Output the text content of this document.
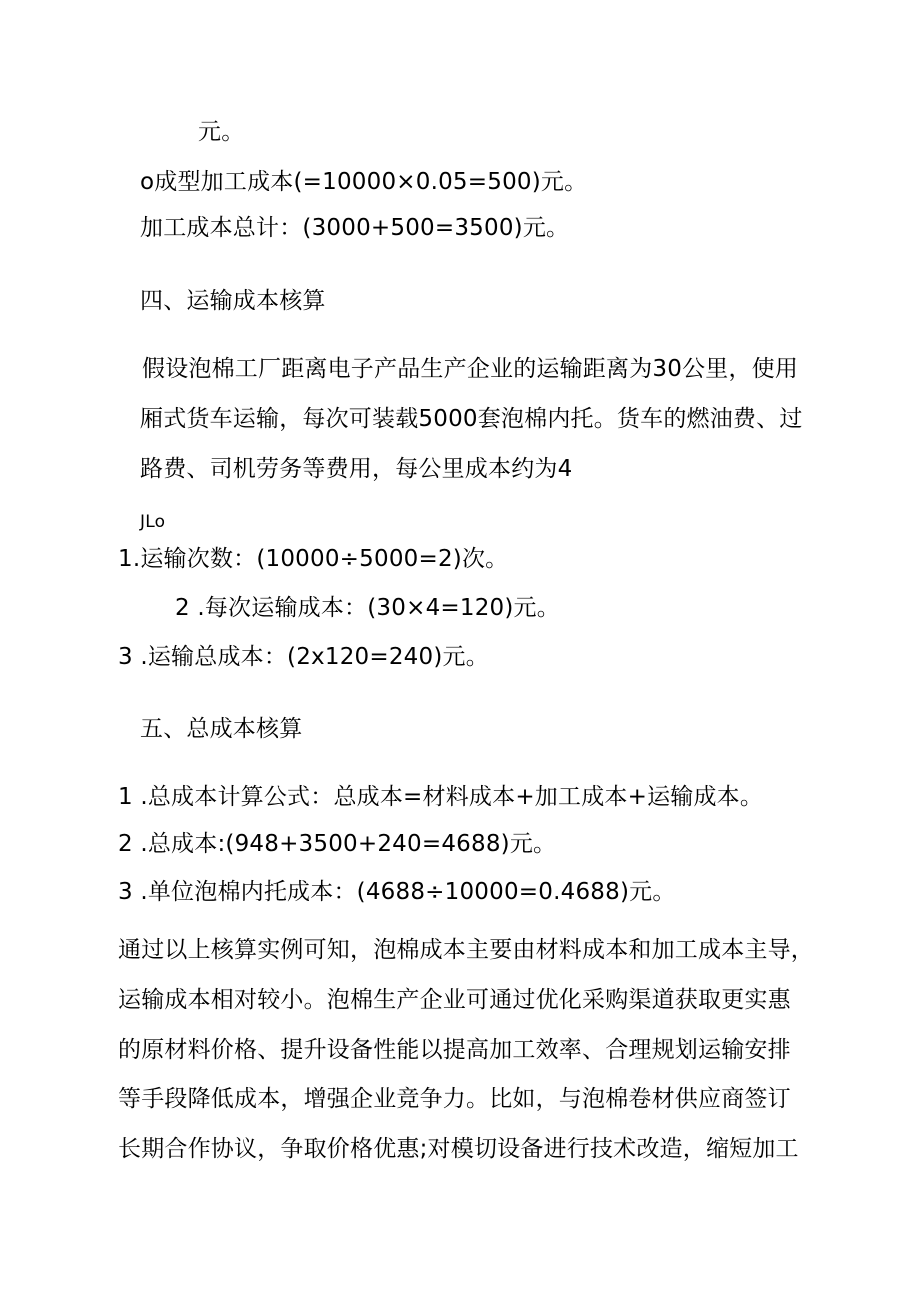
元。
o成型加工成本(=10000×0.05=500)元。
加工成本总计：(3000+500=3500)元。
四、运输成本核算
假设泡棉工厂距离电子产品生产企业的运输距离为30公里，使用
厢式货车运输，每次可装载5000套泡棉内托。货车的燃油费、过
路费、司机劳务等费用，每公里成本约为4
JLo
1.运输次数：(10000÷5000=2)次。
2 .每次运输成本：(30×4=120)元。
3 .运输总成本：(2x120=240)元。
五、总成本核算
1 .总成本计算公式：总成本=材料成本+加工成本+运输成本。
2 .总成本:(948+3500+240=4688)元。
3 .单位泡棉内托成本：(4688÷10000=0.4688)元。
通过以上核算实例可知，泡棉成本主要由材料成本和加工成本主导，
运输成本相对较小。泡棉生产企业可通过优化采购渠道获取更实惠
的原材料价格、提升设备性能以提高加工效率、合理规划运输安排
等手段降低成本，增强企业竞争力。比如，与泡棉卷材供应商签订
长期合作协议，争取价格优惠;对模切设备进行技术改造，缩短加工
